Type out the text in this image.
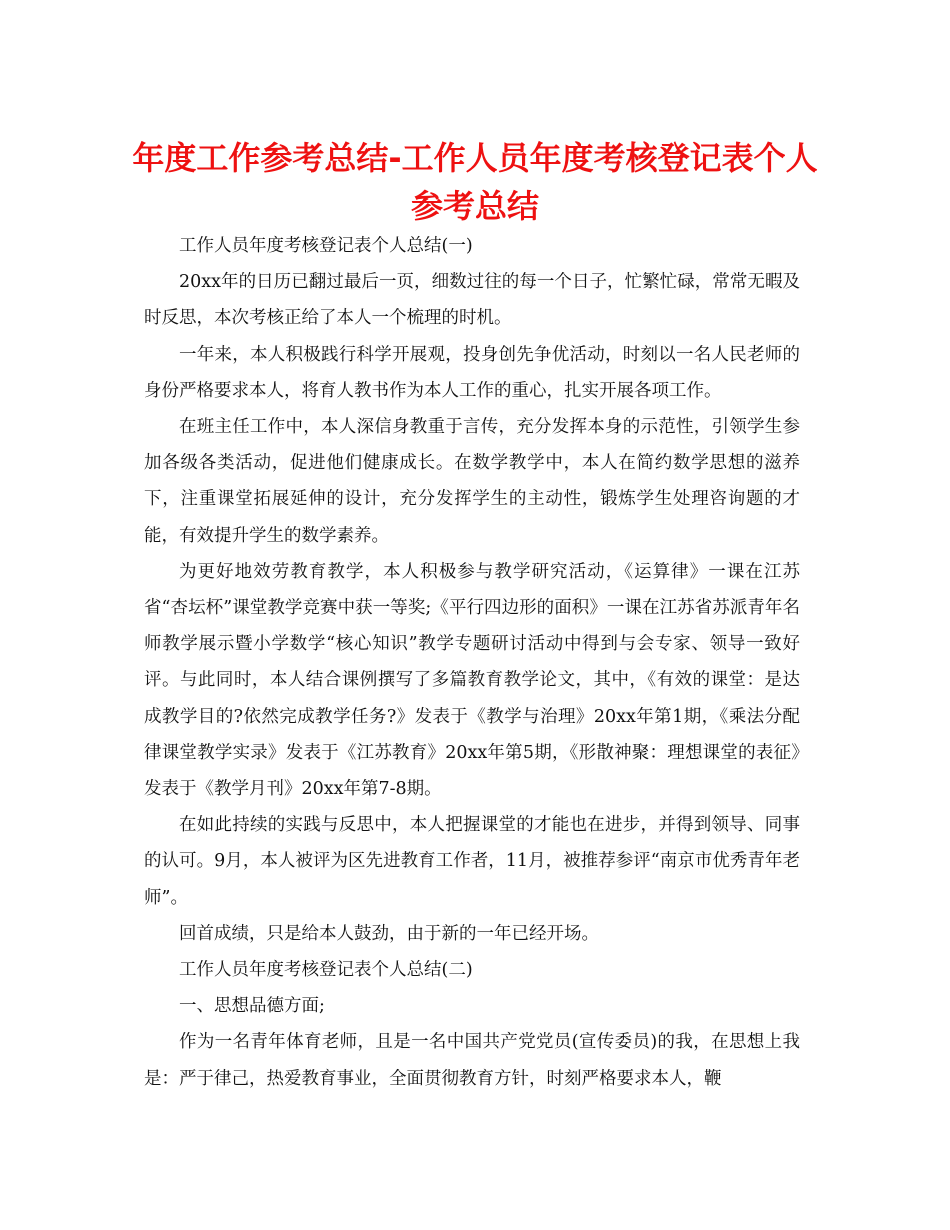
年度工作参考总结-工作人员年度考核登记表个人参考总结

工作人员年度考核登记表个人总结(一)

20xx年的日历已翻过最后一页，细数过往的每一个日子，忙繁忙碌，常常无暇及时反思，本次考核正给了本人一个梳理的时机。

一年来，本人积极践行科学开展观，投身创先争优活动，时刻以一名人民老师的身份严格要求本人，将育人教书作为本人工作的重心，扎实开展各项工作。

在班主任工作中，本人深信身教重于言传，充分发挥本身的示范性，引领学生参加各级各类活动，促进他们健康成长。在数学教学中，本人在简约数学思想的滋养下，注重课堂拓展延伸的设计，充分发挥学生的主动性，锻炼学生处理咨询题的才能，有效提升学生的数学素养。

为更好地效劳教育教学，本人积极参与教学研究活动，《运算律》一课在江苏省“杏坛杯”课堂教学竞赛中获一等奖;《平行四边形的面积》一课在江苏省苏派青年名师教学展示暨小学数学“核心知识”教学专题研讨活动中得到与会专家、领导一致好评。与此同时，本人结合课例撰写了多篇教育教学论文，其中，《有效的课堂：是达成教学目的?依然完成教学任务?》发表于《教学与治理》20xx年第1期，《乘法分配律课堂教学实录》发表于《江苏教育》20xx年第5期，《形散神聚：理想课堂的表征》发表于《教学月刊》20xx年第7-8期。

在如此持续的实践与反思中，本人把握课堂的才能也在进步，并得到领导、同事的认可。9月，本人被评为区先进教育工作者，11月，被推荐参评“南京市优秀青年老师”。

回首成绩，只是给本人鼓劲，由于新的一年已经开场。

工作人员年度考核登记表个人总结(二)

一、思想品德方面;

作为一名青年体育老师，且是一名中国共产党党员(宣传委员)的我，在思想上我是：严于律己，热爱教育事业，全面贯彻教育方针，时刻严格要求本人，鞭
